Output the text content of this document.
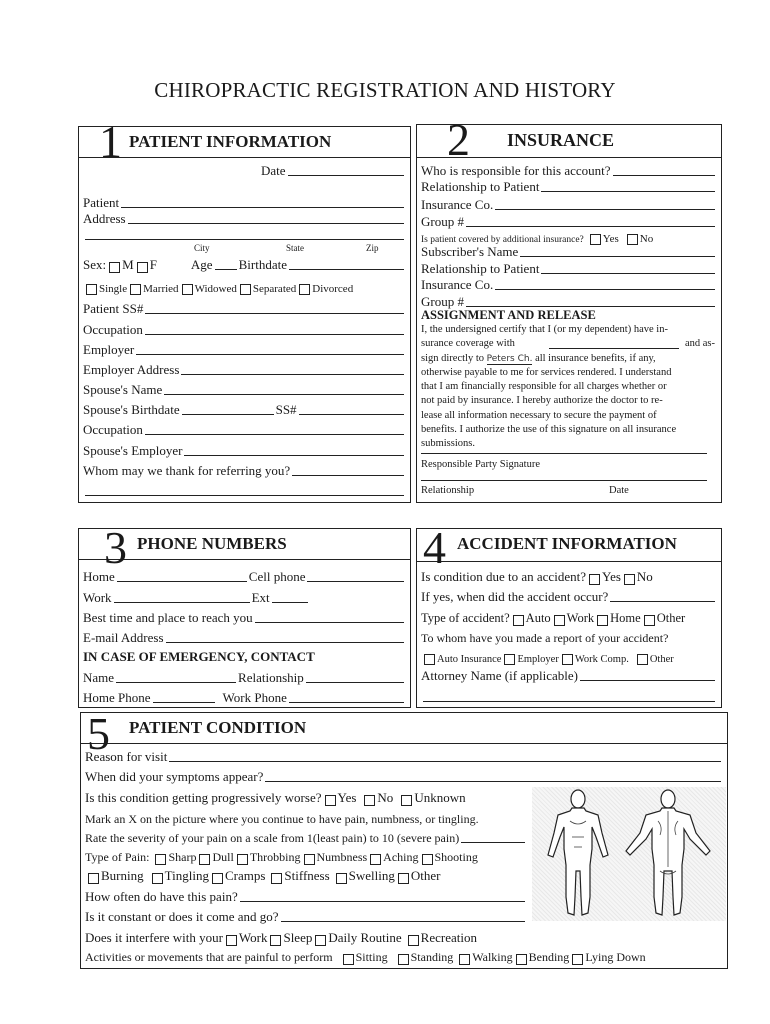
CHIROPRACTIC REGISTRATION AND HISTORY
1 PATIENT INFORMATION
Date
Patient
Address
City	State	Zip
Sex: M F	Age Birthdate
Single Married Widowed Separated Divorced
Patient SS#
Occupation
Employer
Employer Address
Spouse's Name
Spouse's Birthdate	SS#
Occupation
Spouse's Employer
Whom may we thank for referring you?
2 INSURANCE
Who is responsible for this account?
Relationship to Patient
Insurance Co.
Group #
Is patient covered by additional insurance? Yes No
Subscriber's Name
Relationship to Patient
Insurance Co.
Group #
ASSIGNMENT AND RELEASE
I, the undersigned certify that I (or my dependent) have in-
surance coverage with	and as-
sign directly to Peters Ch. all insurance benefits, if any,
otherwise payable to me for services rendered. I understand
that I am financially responsible for all charges whether or
not paid by insurance. I hereby authorize the doctor to re-
lease all information necessary to secure the payment of
benefits. I authorize the use of this signature on all insurance
submissions.
Responsible Party Signature
Relationship	Date
3 PHONE NUMBERS
Home	Cell phone
Work	Ext
Best time and place to reach you
E-mail Address
IN CASE OF EMERGENCY, CONTACT
Name	Relationship
Home Phone	Work Phone
4 ACCIDENT INFORMATION
Is condition due to an accident? Yes No
If yes, when did the accident occur?
Type of accident? Auto Work Home Other
To whom have you made a report of your accident?
Auto Insurance Employer Work Comp. Other
Attorney Name (if applicable)
5 PATIENT CONDITION
Reason for visit
When did your symptoms appear?
Is this condition getting progressively worse? Yes No Unknown
Mark an X on the picture where you continue to have pain, numbness, or tingling.
Rate the severity of your pain on a scale from 1(least pain) to 10 (severe pain)
Type of Pain: Sharp Dull Throbbing Numbness Aching Shooting
Burning Tingling Cramps Stiffness Swelling Other
How often do have this pain?
Is it constant or does it come and go?
Does it interfere with your Work Sleep Daily Routine Recreation
Activities or movements that are painful to perform Sitting Standing Walking Bending Lying Down
